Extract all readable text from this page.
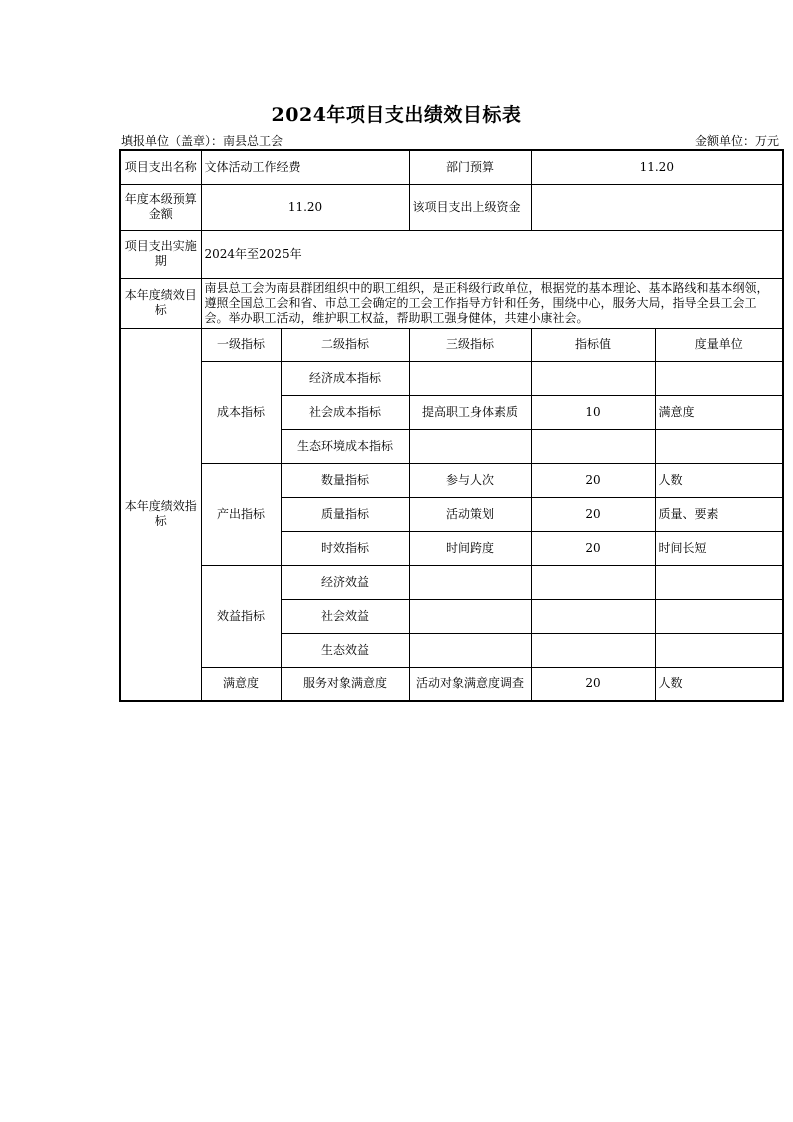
2024年项目支出绩效目标表
填报单位（盖章）：南县总工会	金额单位：万元
项目支出名称	文体活动工作经费		部门预算	11.20	
年度本级预算金额	11.20		该项目支出上级资金		
项目支出实施期	2024年至2025年				
本年度绩效目标	南县总工会为南县群团组织中的职工组织，是正科级行政单位，根据党的基本理论、基本路线和基本纲领，遵照全国总工会和省、市总工会确定的工会工作指导方针和任务，围绕中心，服务大局，指导全县工会工会。举办职工活动，维护职工权益，帮助职工强身健体，共建小康社会。				
本年度绩效指标	一级指标	二级指标	三级指标	指标值	度量单位
	成本指标	经济成本指标			
		社会成本指标	提高职工身体素质	10	满意度
		生态环境成本指标			
	产出指标	数量指标	参与人次	20	人数
		质量指标	活动策划	20	质量、要素
		时效指标	时间跨度	20	时间长短
	效益指标	经济效益			
		社会效益			
		生态效益			
	满意度	服务对象满意度	活动对象满意度调查	20	人数
